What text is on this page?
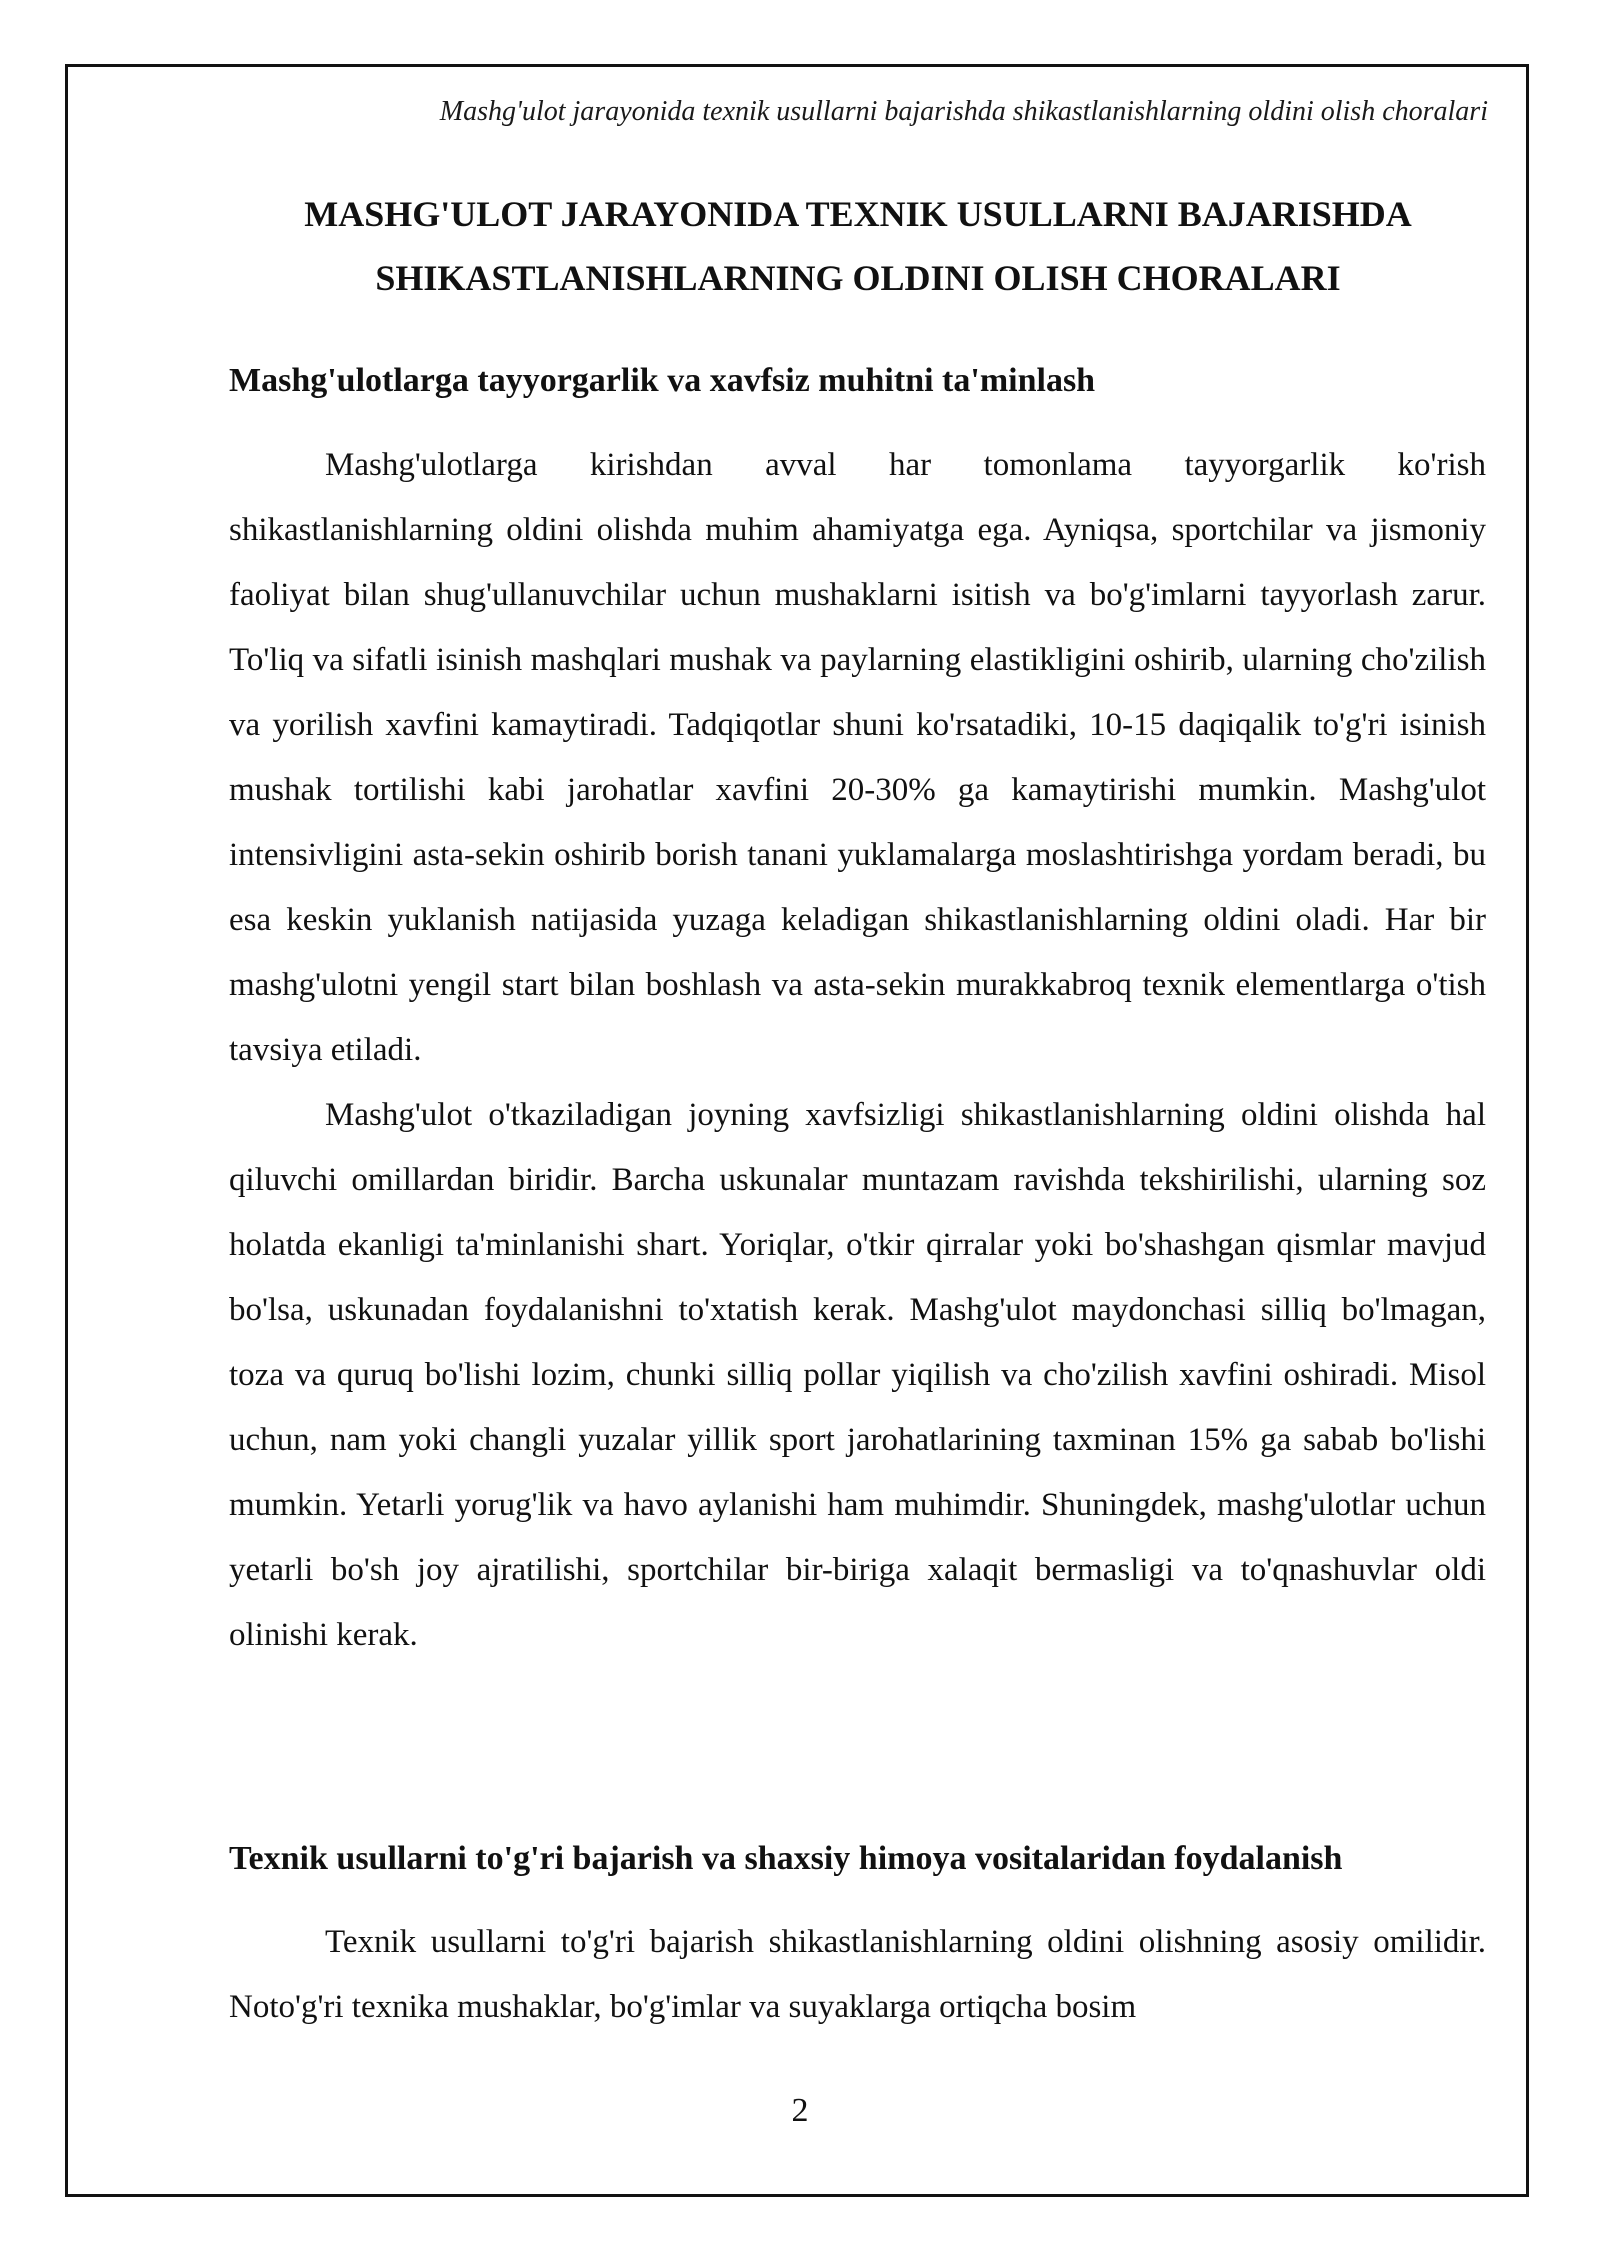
Mashg'ulot jarayonida texnik usullarni bajarishda shikastlanishlarning oldini olish choralari
MASHG'ULOT JARAYONIDA TEXNIK USULLARNI BAJARISHDA
SHIKASTLANISHLARNING OLDINI OLISH CHORALARI
Mashg'ulotlarga tayyorgarlik va xavfsiz muhitni ta'minlash

Mashg'ulotlarga kirishdan avval har tomonlama tayyorgarlik ko'rish shikastlanishlarning oldini olishda muhim ahamiyatga ega. Ayniqsa, sportchilar va jismoniy faoliyat bilan shug'ullanuvchilar uchun mushaklarni isitish va bo'g'imlarni tayyorlash zarur. To'liq va sifatli isinish mashqlari mushak va paylarning elastikligini oshirib, ularning cho'zilish va yorilish xavfini kamaytiradi. Tadqiqotlar shuni ko'rsatadiki, 10-15 daqiqalik to'g'ri isinish mushak tortilishi kabi jarohatlar xavfini 20-30% ga kamaytirishi mumkin. Mashg'ulot intensivligini asta-sekin oshirib borish tanani yuklamalarga moslashtirishga yordam beradi, bu esa keskin yuklanish natijasida yuzaga keladigan shikastlanishlarning oldini oladi. Har bir mashg'ulotni yengil start bilan boshlash va asta-sekin murakkabroq texnik elementlarga o'tish tavsiya etiladi.

Mashg'ulot o'tkaziladigan joyning xavfsizligi shikastlanishlarning oldini olishda hal qiluvchi omillardan biridir. Barcha uskunalar muntazam ravishda tekshirilishi, ularning soz holatda ekanligi ta'minlanishi shart. Yoriqlar, o'tkir qirralar yoki bo'shashgan qismlar mavjud bo'lsa, uskunadan foydalanishni to'xtatish kerak. Mashg'ulot maydonchasi silliq bo'lmagan, toza va quruq bo'lishi lozim, chunki silliq pollar yiqilish va cho'zilish xavfini oshiradi. Misol uchun, nam yoki changli yuzalar yillik sport jarohatlarining taxminan 15% ga sabab bo'lishi mumkin. Yetarli yorug'lik va havo aylanishi ham muhimdir. Shuningdek, mashg'ulotlar uchun yetarli bo'sh joy ajratilishi, sportchilar bir-biriga xalaqit bermasligi va to'qnashuvlar oldi olinishi kerak.

Texnik usullarni to'g'ri bajarish va shaxsiy himoya vositalaridan foydalanish

Texnik usullarni to'g'ri bajarish shikastlanishlarning oldini olishning asosiy omilidir. Noto'g'ri texnika mushaklar, bo'g'imlar va suyaklarga ortiqcha bosim

2
